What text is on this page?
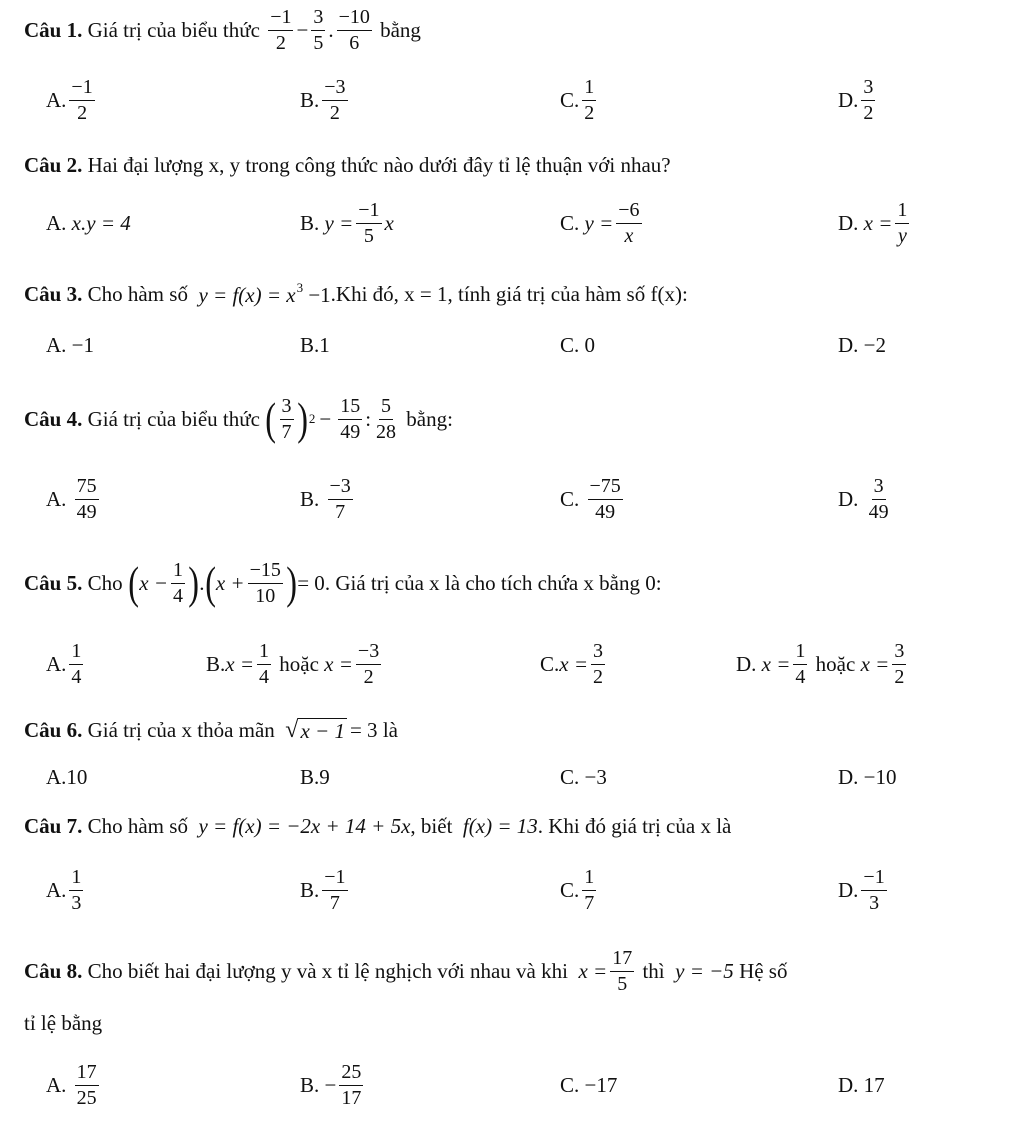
Câu 1.
Giá trị của biểu thức
$\frac{-1}{2} - \frac{3}{5}$ . $\frac{-10}{6}$
bằng
A. $\frac{-1}{2}$	B. $\frac{-3}{2}$	C. $\frac{1}{2}$	D. $\frac{3}{2}$
Câu 2.
Hai đại lượng x, y trong công thức nào dưới đây tỉ lệ thuận với nhau?
A.
x.y = 4	B.
$y = \frac{-1}{5}$ x	C.
$y = \frac{-6}{x}$	D.
$x = \frac{1}{y}$
Câu 3.
Cho hàm số
$y = f(x) = x^3 -1$ .Khi đó, x = 1, tính giá trị của hàm số f(x):
A.
−1	B. 1	C.
0	D.
−2
Câu 4.
Giá trị của biểu thức
( $\frac{3}{7}$ ) $2 - \frac{15}{49}$ : $\frac{5}{28}$
bằng:
A.
$\frac{75}{49}$	B.
$\frac{-3}{7}$	C.
$\frac{-75}{49}$	D.
$\frac{3}{49}$
Câu 5.
Cho
( $x - \frac{1}{4}$ ) . ( $x + \frac{-15}{10}$ ) = 0 . Giá trị của x là cho tích chứa x bằng 0:
A. $\frac{1}{4}$	B. $x = \frac{1}{4}$
hoặc
$x = \frac{-3}{2}$	C. $x = \frac{3}{2}$	D.
$x = \frac{1}{4}$
hoặc
$x = \frac{3}{2}$
Câu 6.
Giá trị của x thỏa mãn
√ x − 1 = 3
là
A. 10	B. 9	C.
−3	D.
−10
Câu 7.
Cho hàm số
y = f(x) = −2x + 14 + 5x , biết
f(x) = 13 . Khi đó giá trị của x là
A. $\frac{1}{3}$	B. $\frac{-1}{7}$	C. $\frac{1}{7}$	D. $\frac{-1}{3}$
Câu 8.
Cho biết hai đại lượng y và x tỉ lệ nghịch với nhau và khi
$x = \frac{17}{5}$
thì
y = −5
Hệ số
tỉ lệ bằng
A.
$\frac{17}{25}$	B.
− $\frac{25}{17}$	C.
−17	D.
17
